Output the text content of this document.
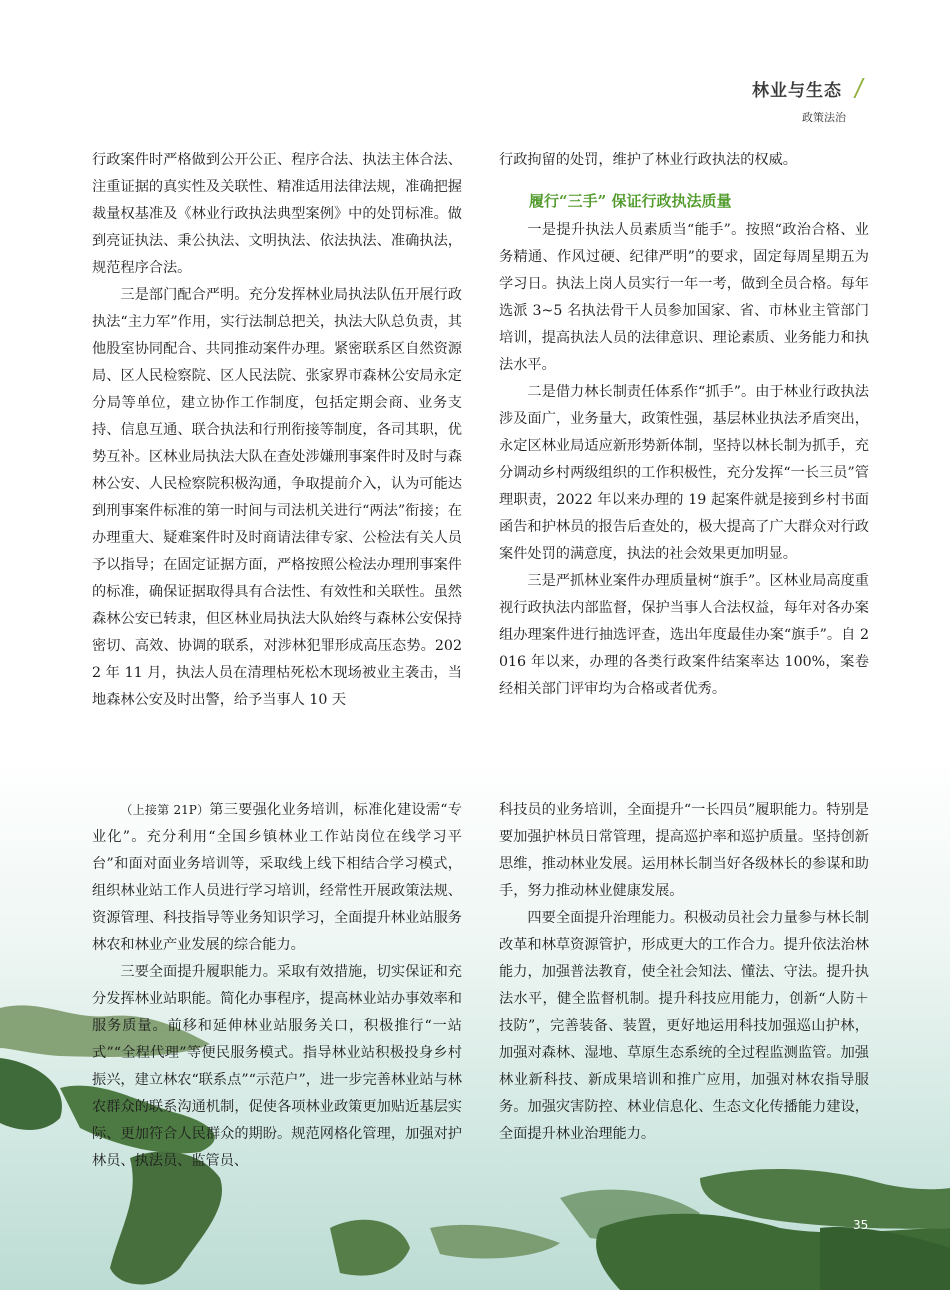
林业与生态
政策法治

行政案件时严格做到公开公正、程序合法、执法主体合法、注重证据的真实性及关联性、精准适用法律法规，准确把握裁量权基准及《林业行政执法典型案例》中的处罚标准。做到亮证执法、秉公执法、文明执法、依法执法、准确执法，规范程序合法。

三是部门配合严明。充分发挥林业局执法队伍开展行政执法“主力军”作用，实行法制总把关，执法大队总负责，其他股室协同配合、共同推动案件办理。紧密联系区自然资源局、区人民检察院、区人民法院、张家界市森林公安局永定分局等单位，建立协作工作制度，包括定期会商、业务支持、信息互通、联合执法和行刑衔接等制度，各司其职，优势互补。区林业局执法大队在查处涉嫌刑事案件时及时与森林公安、人民检察院积极沟通，争取提前介入，认为可能达到刑事案件标准的第一时间与司法机关进行“两法”衔接；在办理重大、疑难案件时及时商请法律专家、公检法有关人员予以指导；在固定证据方面，严格按照公检法办理刑事案件的标准，确保证据取得具有合法性、有效性和关联性。虽然森林公安已转隶，但区林业局执法大队始终与森林公安保持密切、高效、协调的联系，对涉林犯罪形成高压态势。2022 年 11 月，执法人员在清理枯死松木现场被业主袭击，当地森林公安及时出警，给予当事人 10 天

行政拘留的处罚，维护了林业行政执法的权威。

履行“三手” 保证行政执法质量

一是提升执法人员素质当“能手”。按照“政治合格、业务精通、作风过硬、纪律严明”的要求，固定每周星期五为学习日。执法上岗人员实行一年一考，做到全员合格。每年选派 3~5 名执法骨干人员参加国家、省、市林业主管部门培训，提高执法人员的法律意识、理论素质、业务能力和执法水平。

二是借力林长制责任体系作“抓手”。由于林业行政执法涉及面广，业务量大，政策性强，基层林业执法矛盾突出，永定区林业局适应新形势新体制，坚持以林长制为抓手，充分调动乡村两级组织的工作积极性，充分发挥“一长三员”管理职责，2022 年以来办理的 19 起案件就是接到乡村书面函告和护林员的报告后查处的，极大提高了广大群众对行政案件处罚的满意度，执法的社会效果更加明显。

三是严抓林业案件办理质量树“旗手”。区林业局高度重视行政执法内部监督，保护当事人合法权益，每年对各办案组办理案件进行抽选评查，选出年度最佳办案“旗手”。自 2016 年以来，办理的各类行政案件结案率达 100%，案卷经相关部门评审均为合格或者优秀。

（上接第 21P）第三要强化业务培训，标准化建设需“专业化”。充分利用“全国乡镇林业工作站岗位在线学习平台”和面对面业务培训等，采取线上线下相结合学习模式，组织林业站工作人员进行学习培训，经常性开展政策法规、资源管理、科技指导等业务知识学习，全面提升林业站服务林农和林业产业发展的综合能力。

三要全面提升履职能力。采取有效措施，切实保证和充分发挥林业站职能。简化办事程序，提高林业站办事效率和服务质量。前移和延伸林业站服务关口，积极推行“一站式”“全程代理”等便民服务模式。指导林业站积极投身乡村振兴，建立林农“联系点”“示范户”，进一步完善林业站与林农群众的联系沟通机制，促使各项林业政策更加贴近基层实际、更加符合人民群众的期盼。规范网格化管理，加强对护林员、执法员、监管员、

科技员的业务培训，全面提升“一长四员”履职能力。特别是要加强护林员日常管理，提高巡护率和巡护质量。坚持创新思维，推动林业发展。运用林长制当好各级林长的参谋和助手，努力推动林业健康发展。

四要全面提升治理能力。积极动员社会力量参与林长制改革和林草资源管护，形成更大的工作合力。提升依法治林能力，加强普法教育，使全社会知法、懂法、守法。提升执法水平，健全监督机制。提升科技应用能力，创新“人防＋技防”，完善装备、装置，更好地运用科技加强巡山护林，加强对森林、湿地、草原生态系统的全过程监测监管。加强林业新科技、新成果培训和推广应用，加强对林农指导服务。加强灾害防控、林业信息化、生态文化传播能力建设，全面提升林业治理能力。

35
